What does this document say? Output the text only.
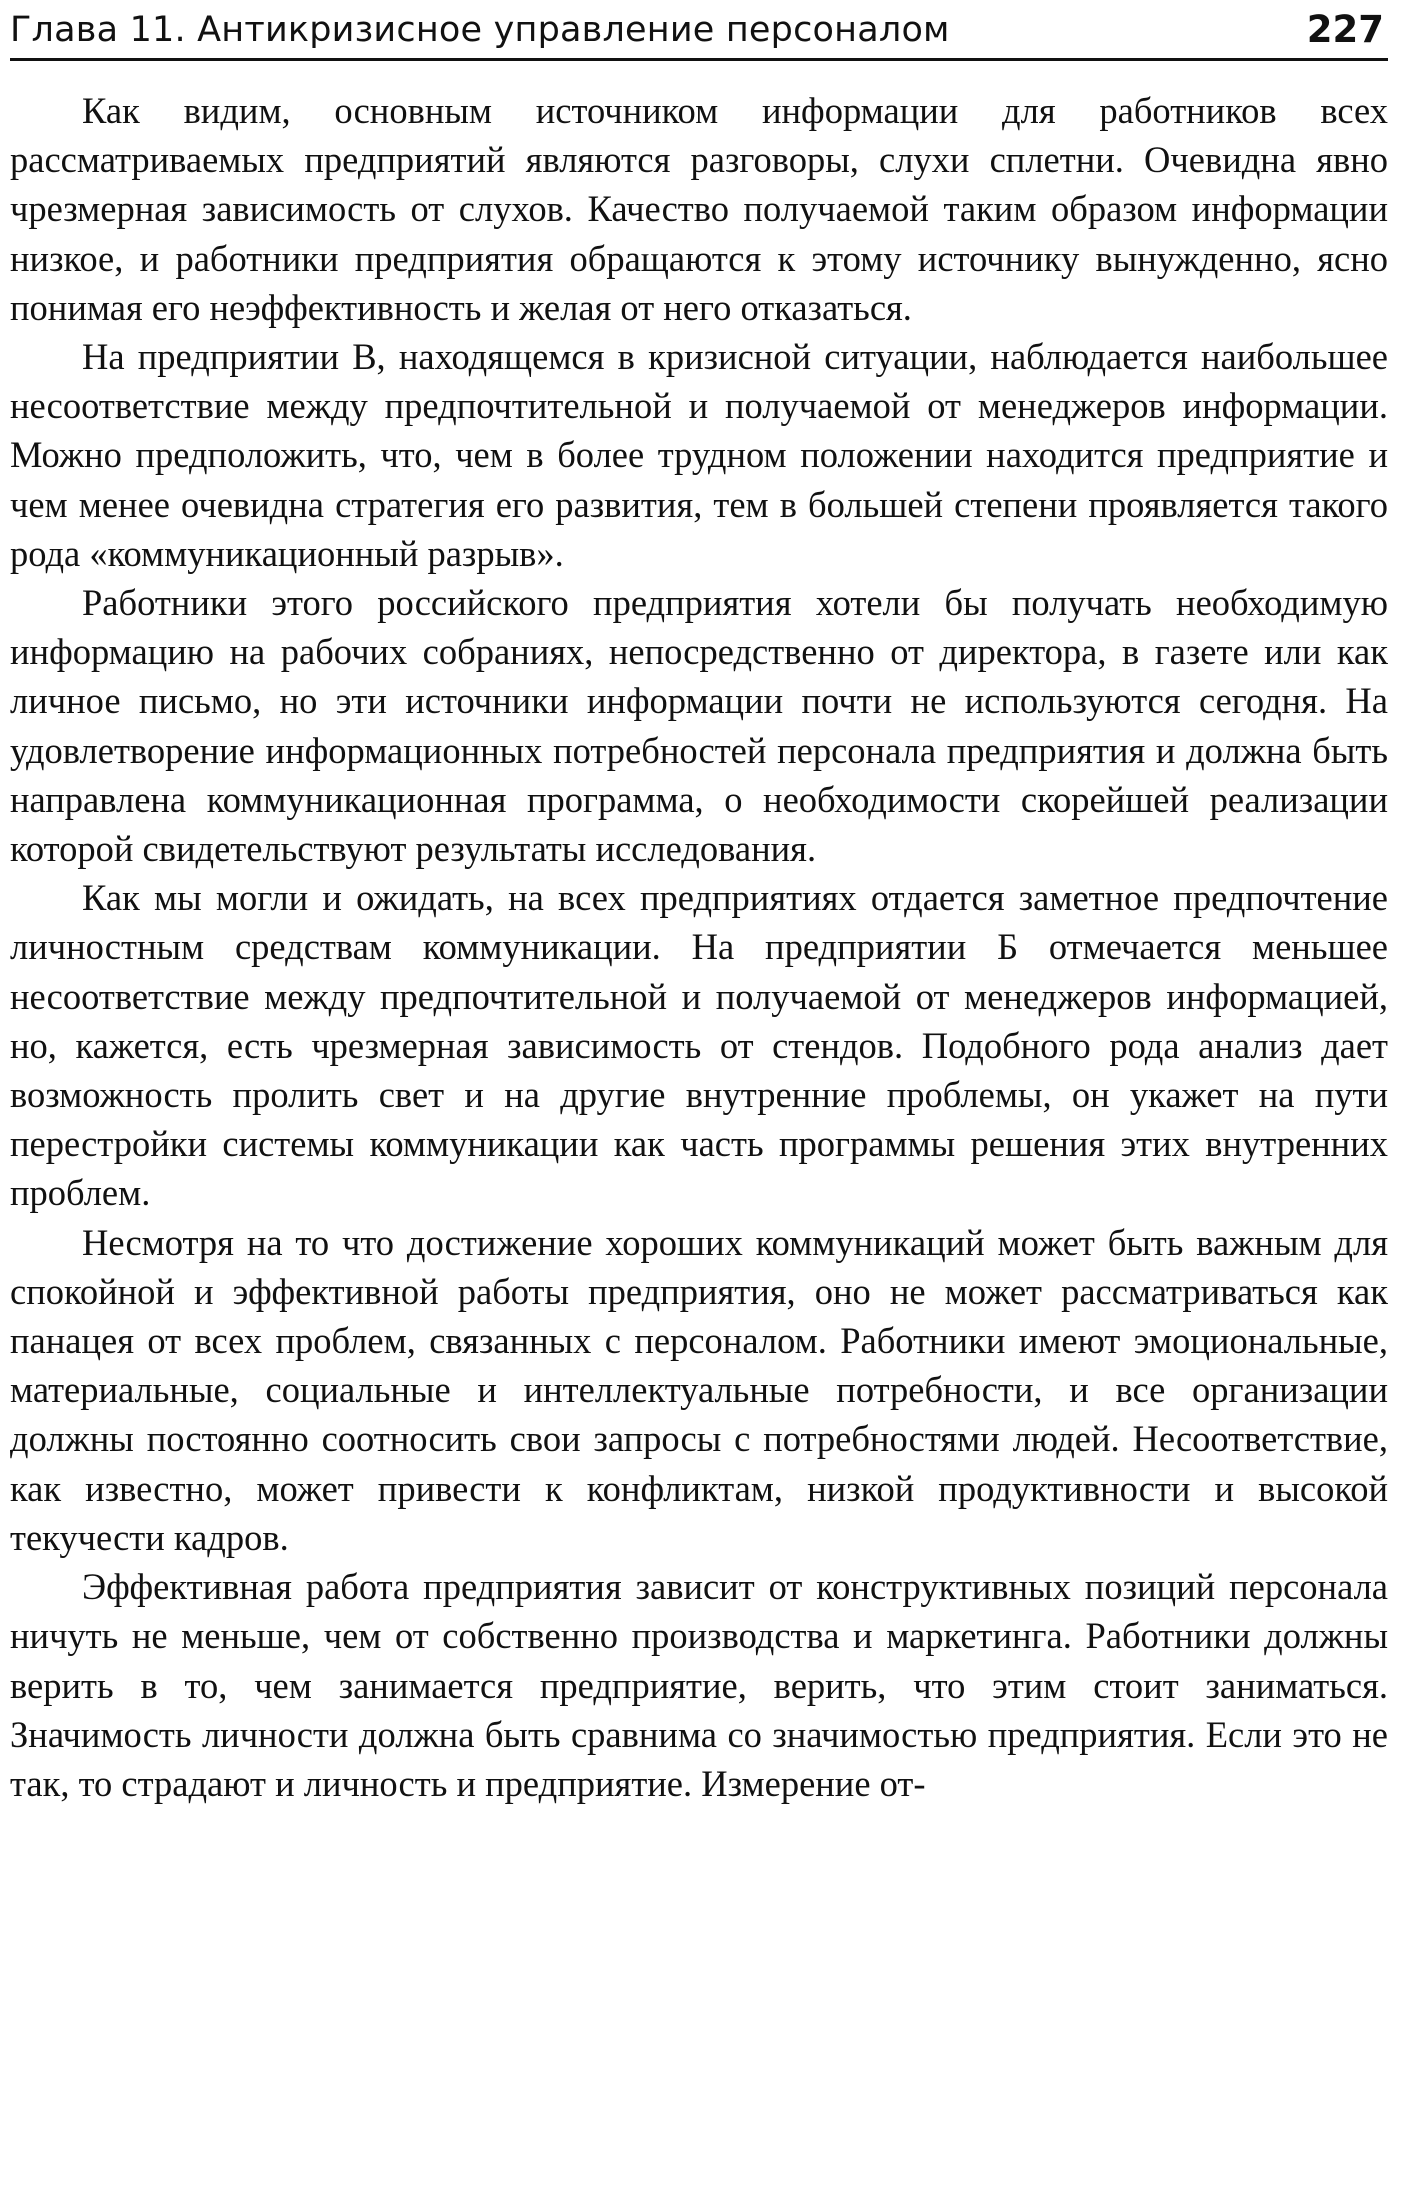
Глава 11. Антикризисное управление персоналом	227

Как видим, основным источником информации для работников всех рассматриваемых предприятий являются разговоры, слухи сплетни. Очевидна явно чрезмерная зависимость от слухов. Качество получаемой таким образом информации низкое, и работники предприятия обращаются к этому источнику вынужденно, ясно понимая его неэффективность и желая от него отказаться.

На предприятии В, находящемся в кризисной ситуации, наблюдается наибольшее несоответствие между предпочтительной и получаемой от менеджеров информации. Можно предположить, что, чем в более трудном положении находится предприятие и чем менее очевидна стратегия его развития, тем в большей степени проявляется такого рода «коммуникационный разрыв».

Работники этого российского предприятия хотели бы получать необходимую информацию на рабочих собраниях, непосредственно от директора, в газете или как личное письмо, но эти источники информации почти не используются сегодня. На удовлетворение информационных потребностей персонала предприятия и должна быть направлена коммуникационная программа, о необходимости скорейшей реализации которой свидетельствуют результаты исследования.

Как мы могли и ожидать, на всех предприятиях отдается заметное предпочтение личностным средствам коммуникации. На предприятии Б отмечается меньшее несоответствие между предпочтительной и получаемой от менеджеров информацией, но, кажется, есть чрезмерная зависимость от стендов. Подобного рода анализ дает возможность пролить свет и на другие внутренние проблемы, он укажет на пути перестройки системы коммуникации как часть программы решения этих внутренних проблем.

Несмотря на то что достижение хороших коммуникаций может быть важным для спокойной и эффективной работы предприятия, оно не может рассматриваться как панацея от всех проблем, связанных с персоналом. Работники имеют эмоциональные, материальные, социальные и интеллектуальные потребности, и все организации должны постоянно соотносить свои запросы с потребностями людей. Несоответствие, как известно, может привести к конфликтам, низкой продуктивности и высокой текучести кадров.

Эффективная работа предприятия зависит от конструктивных позиций персонала ничуть не меньше, чем от собственно производства и маркетинга. Работники должны верить в то, чем занимается предприятие, верить, что этим стоит заниматься. Значимость личности должна быть сравнима со значимостью предприятия. Если это не так, то страдают и личность и предприятие. Измерение от-
